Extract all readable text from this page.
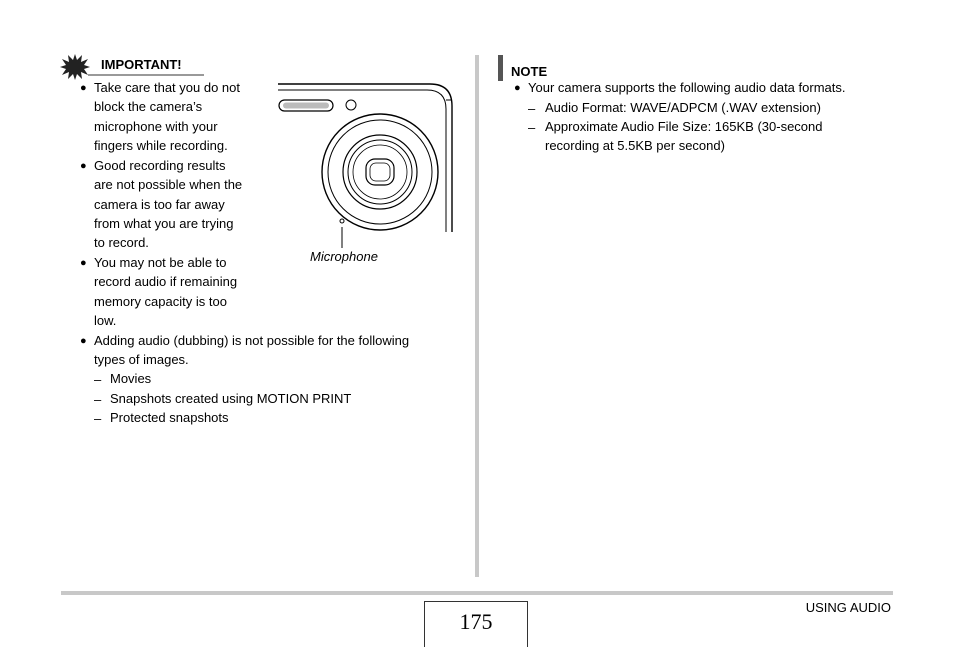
IMPORTANT!
● Take care that you do not
block the camera’s
microphone with your
fingers while recording.
● Good recording results
are not possible when the
camera is too far away
from what you are trying
to record.
● You may not be able to
record audio if remaining
memory capacity is too
low.
● Adding audio (dubbing) is not possible for the following
types of images.
– Movies
– Snapshots created using MOTION PRINT
– Protected snapshots
Microphone
NOTE
● Your camera supports the following audio data formats.
– Audio Format: WAVE/ADPCM (.WAV extension)
– Approximate Audio File Size: 165KB (30-second
recording at 5.5KB per second)
175
USING AUDIO
